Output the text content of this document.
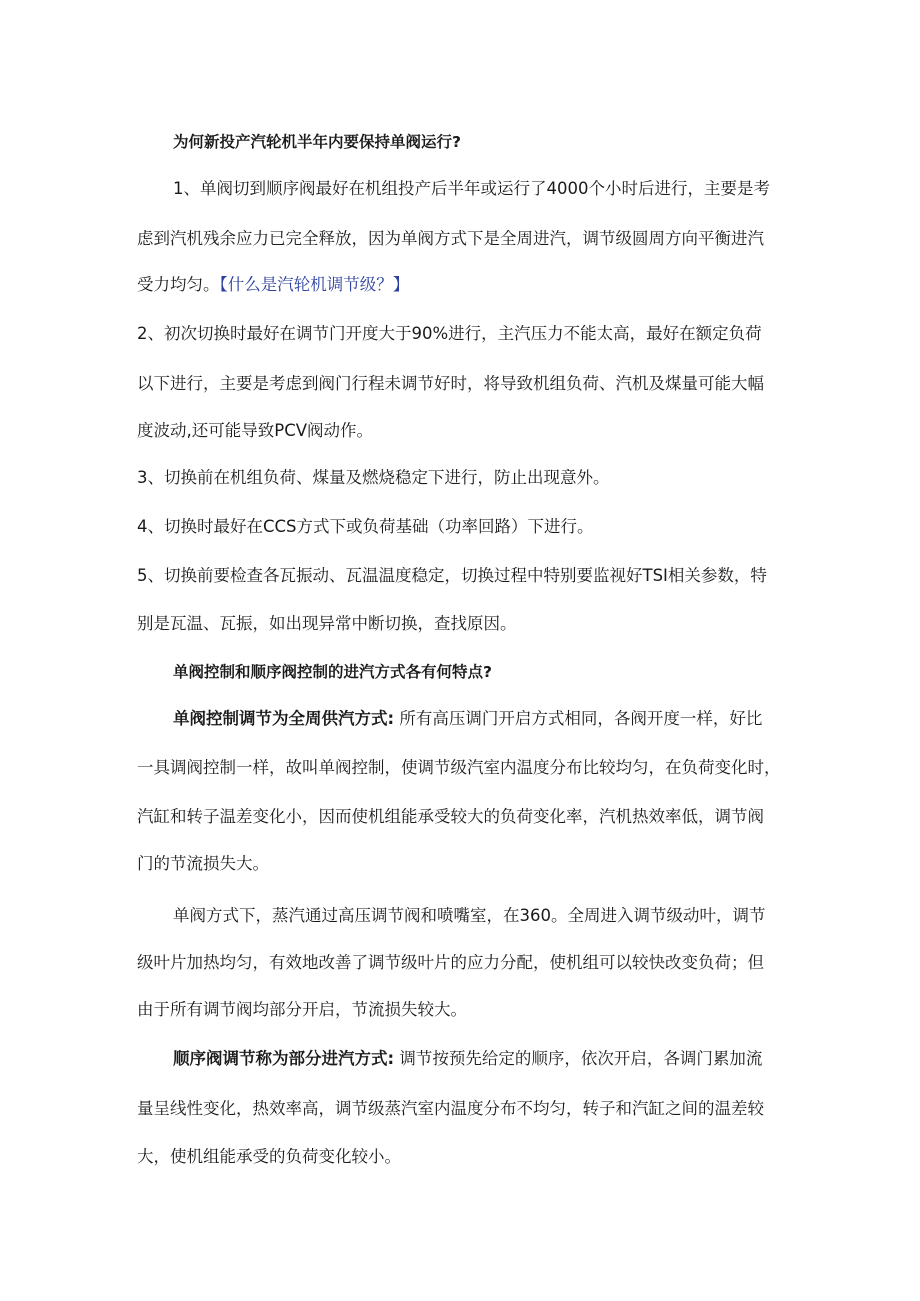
为何新投产汽轮机半年内要保持单阀运行?
1、单阀切到顺序阀最好在机组投产后半年或运行了4000个小时后进行，主要是考
虑到汽机残余应力已完全释放，因为单阀方式下是全周进汽，调节级圆周方向平衡进汽
受力均匀。【什么是汽轮机调节级？】
2、初次切换时最好在调节门开度大于90%进行，主汽压力不能太高，最好在额定负荷
以下进行，主要是考虑到阀门行程未调节好时，将导致机组负荷、汽机及煤量可能大幅
度波动,还可能导致PCV阀动作。
3、切换前在机组负荷、煤量及燃烧稳定下进行，防止出现意外。
4、切换时最好在CCS方式下或负荷基础（功率回路）下进行。
5、切换前要检查各瓦振动、瓦温温度稳定，切换过程中特别要监视好TSI相关参数，特
别是瓦温、瓦振，如出现异常中断切换，查找原因。
单阀控制和顺序阀控制的进汽方式各有何特点?
单阀控制调节为全周供汽方式: 所有高压调门开启方式相同，各阀开度一样，好比
一具调阀控制一样，故叫单阀控制，使调节级汽室内温度分布比较均匀，在负荷变化时，
汽缸和转子温差变化小，因而使机组能承受较大的负荷变化率，汽机热效率低，调节阀
门的节流损失大。
单阀方式下，蒸汽通过高压调节阀和喷嘴室，在360。全周进入调节级动叶，调节
级叶片加热均匀，有效地改善了调节级叶片的应力分配，使机组可以较快改变负荷；但
由于所有调节阀均部分开启，节流损失较大。
顺序阀调节称为部分进汽方式: 调节按预先给定的顺序，依次开启，各调门累加流
量呈线性变化，热效率高，调节级蒸汽室内温度分布不均匀，转子和汽缸之间的温差较
大，使机组能承受的负荷变化较小。
